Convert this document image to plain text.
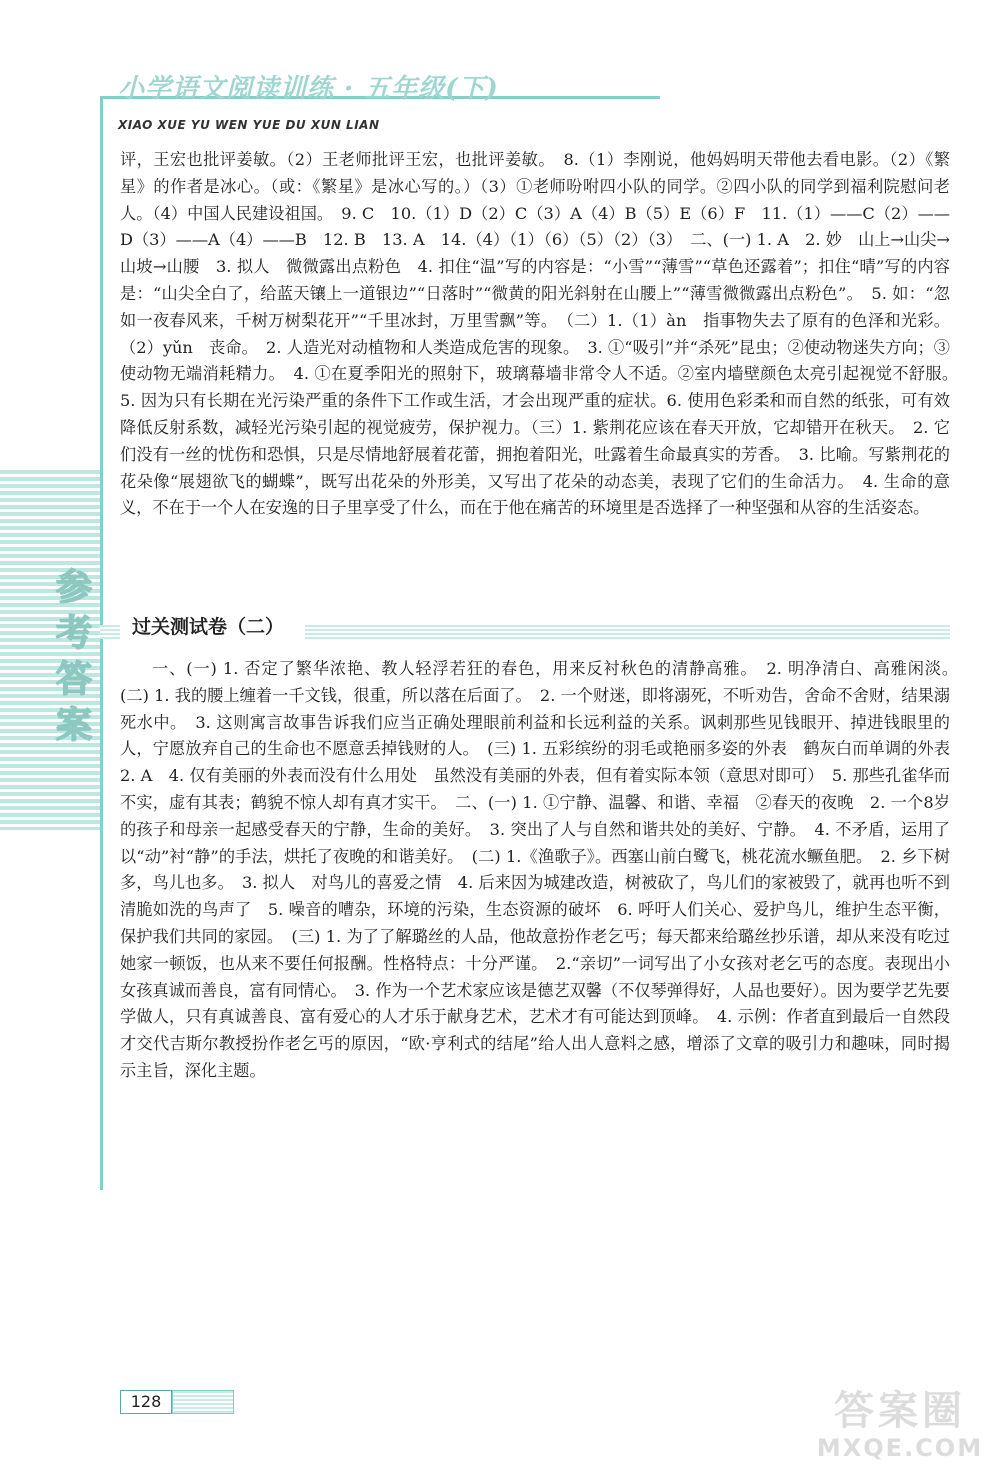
小学语文阅读训练 · 五年级(下)
XIAO XUE YU WEN YUE DU XUN LIAN
参考答案
评，王宏也批评姜敏。（2）王老师批评王宏，也批评姜敏。　8.（1）李刚说，他妈妈明天带他去看电影。（2）《繁星》的作者是冰心。（或：《繁星》是冰心写的。）（3）①老师吩咐四小队的同学。②四小队的同学到福利院慰问老人。（4）中国人民建设祖国。　9. C　10.（1）D（2）C（3）A（4）B（5）E（6）F　11.（1）——C（2）——D（3）——A（4）——B　12. B　13. A　14.（4）（1）（6）（5）（2）（3）　二、(一) 1. A　2. 妙　山上→山尖→山坡→山腰　3. 拟人　微微露出点粉色　4. 扣住“温”写的内容是：“小雪”“薄雪”“草色还露着”；扣住“晴”写的内容是：“山尖全白了，给蓝天镶上一道银边”“日落时”“微黄的阳光斜射在山腰上”“薄雪微微露出点粉色”。　5. 如：“忽如一夜春风来，千树万树梨花开”“千里冰封，万里雪飘”等。　（二）1.（1）àn　指事物失去了原有的色泽和光彩。（2）yǔn　丧命。　2. 人造光对动植物和人类造成危害的现象。　3. ①“吸引”并“杀死”昆虫；②使动物迷失方向；③使动物无端消耗精力。　4. ①在夏季阳光的照射下，玻璃幕墙非常令人不适。②室内墙壁颜色太亮引起视觉不舒服。　5. 因为只有长期在光污染严重的条件下工作或生活，才会出现严重的症状。6. 使用色彩柔和而自然的纸张，可有效降低反射系数，减轻光污染引起的视觉疲劳，保护视力。（三）1. 紫荆花应该在春天开放，它却错开在秋天。　2. 它们没有一丝的忧伤和恐惧，只是尽情地舒展着花蕾，拥抱着阳光，吐露着生命最真实的芳香。　3. 比喻。写紫荆花的花朵像“展翅欲飞的蝴蝶”，既写出花朵的外形美，又写出了花朵的动态美，表现了它们的生命活力。　4. 生命的意义，不在于一个人在安逸的日子里享受了什么，而在于他在痛苦的环境里是否选择了一种坚强和从容的生活姿态。
过关测试卷（二）
一、(一) 1. 否定了繁华浓艳、教人轻浮若狂的春色，用来反衬秋色的清静高雅。　2. 明净清白、高雅闲淡。　(二) 1. 我的腰上缠着一千文钱，很重，所以落在后面了。　2. 一个财迷，即将溺死，不听劝告，舍命不舍财，结果溺死水中。　3. 这则寓言故事告诉我们应当正确处理眼前利益和长远利益的关系。讽刺那些见钱眼开、掉进钱眼里的人，宁愿放弃自己的生命也不愿意丢掉钱财的人。　(三) 1. 五彩缤纷的羽毛或艳丽多姿的外表　鹤灰白而单调的外表　2. A　4. 仅有美丽的外表而没有什么用处　虽然没有美丽的外表，但有着实际本领（意思对即可）　5. 那些孔雀华而不实，虚有其表；鹤貌不惊人却有真才实干。　二、(一) 1. ①宁静、温馨、和谐、幸福　②春天的夜晚　2. 一个8岁的孩子和母亲一起感受春天的宁静，生命的美好。　3. 突出了人与自然和谐共处的美好、宁静。　4. 不矛盾，运用了以“动”衬“静”的手法，烘托了夜晚的和谐美好。　(二) 1.《渔歌子》。西塞山前白鹭飞，桃花流水鳜鱼肥。　2. 乡下树多，鸟儿也多。　3. 拟人　对鸟儿的喜爱之情　4. 后来因为城建改造，树被砍了，鸟儿们的家被毁了，就再也听不到清脆如洗的鸟声了　5. 噪音的嘈杂，环境的污染，生态资源的破坏　6. 呼吁人们关心、爱护鸟儿，维护生态平衡，保护我们共同的家园。　(三) 1. 为了了解璐丝的人品，他故意扮作老乞丐；每天都来给璐丝抄乐谱，却从来没有吃过她家一顿饭，也从来不要任何报酬。性格特点：十分严谨。　2.“亲切”一词写出了小女孩对老乞丐的态度。表现出小女孩真诚而善良，富有同情心。　3. 作为一个艺术家应该是德艺双馨（不仅琴弹得好，人品也要好）。因为要学艺先要学做人，只有真诚善良、富有爱心的人才乐于献身艺术，艺术才有可能达到顶峰。　4. 示例：作者直到最后一自然段才交代吉斯尔教授扮作老乞丐的原因，“欧·亨利式的结尾”给人出人意料之感，增添了文章的吸引力和趣味，同时揭示主旨，深化主题。
128	答案圈
MXQE.COM
